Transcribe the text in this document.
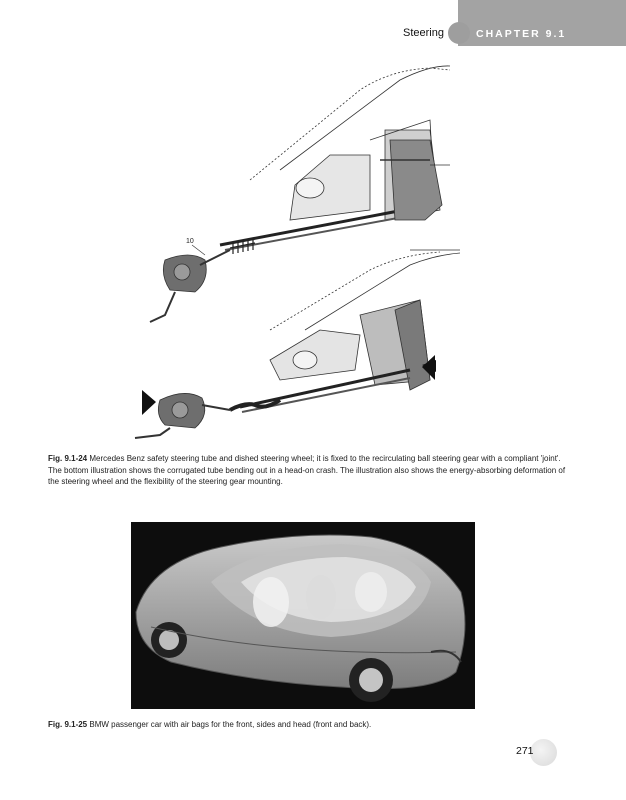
Steering	CHAPTER 9.1
10
Fig. 9.1-24 Mercedes Benz safety steering tube and dished steering wheel; it is fixed to the recirculating ball steering gear with a compliant 'joint'. The bottom illustration shows the corrugated tube bending out in a head-on crash. The illustration also shows the energy-absorbing deformation of the steering wheel and the flexibility of the steering gear mounting.
Fig. 9.1-25 BMW passenger car with air bags for the front, sides and head (front and back).
271
